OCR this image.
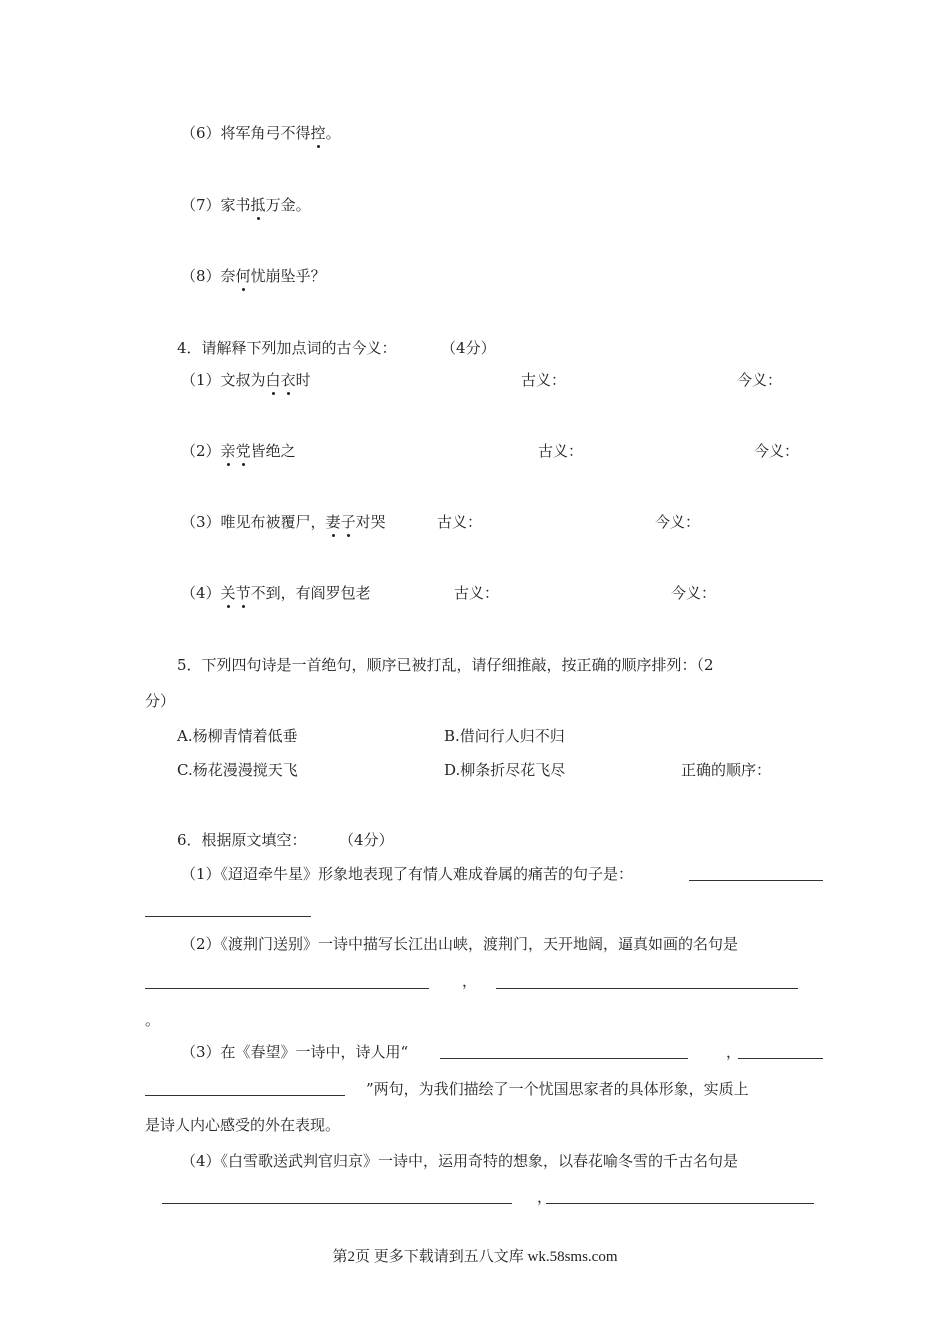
（6）将军角弓不得控。
（7）家书抵万金。
（8）奈何忧崩坠乎？
4．请解释下列加点词的古今义：	（4分）
（1）文叔为白衣时	古义：	今义：
（2）亲党皆绝之	古义：	今义：
（3）唯见布被覆尸，妻子对哭	古义：	今义：
（4）关节不到，有阎罗包老	古义：	今义：
5．下列四句诗是一首绝句，顺序已被打乱，请仔细推敲，按正确的顺序排列：（2
分）
A.杨柳青情着低垂	B.借问行人归不归
C.杨花漫漫搅天飞	D.柳条折尽花飞尽	正确的顺序：
6．根据原文填空：	（4分）
（1）《迢迢牵牛星》形象地表现了有情人难成眷属的痛苦的句子是：
（2）《渡荆门送别》一诗中描写长江出山峡，渡荆门，天开地阔，逼真如画的名句是
，
。
（3）在《春望》一诗中，诗人用“	，
”两句，为我们描绘了一个忧国思家者的具体形象，实质上
是诗人内心感受的外在表现。
（4）《白雪歌送武判官归京》一诗中，运用奇特的想象，以春花喻冬雪的千古名句是
，
第2页 更多下载请到五八文库 wk.58sms.com
